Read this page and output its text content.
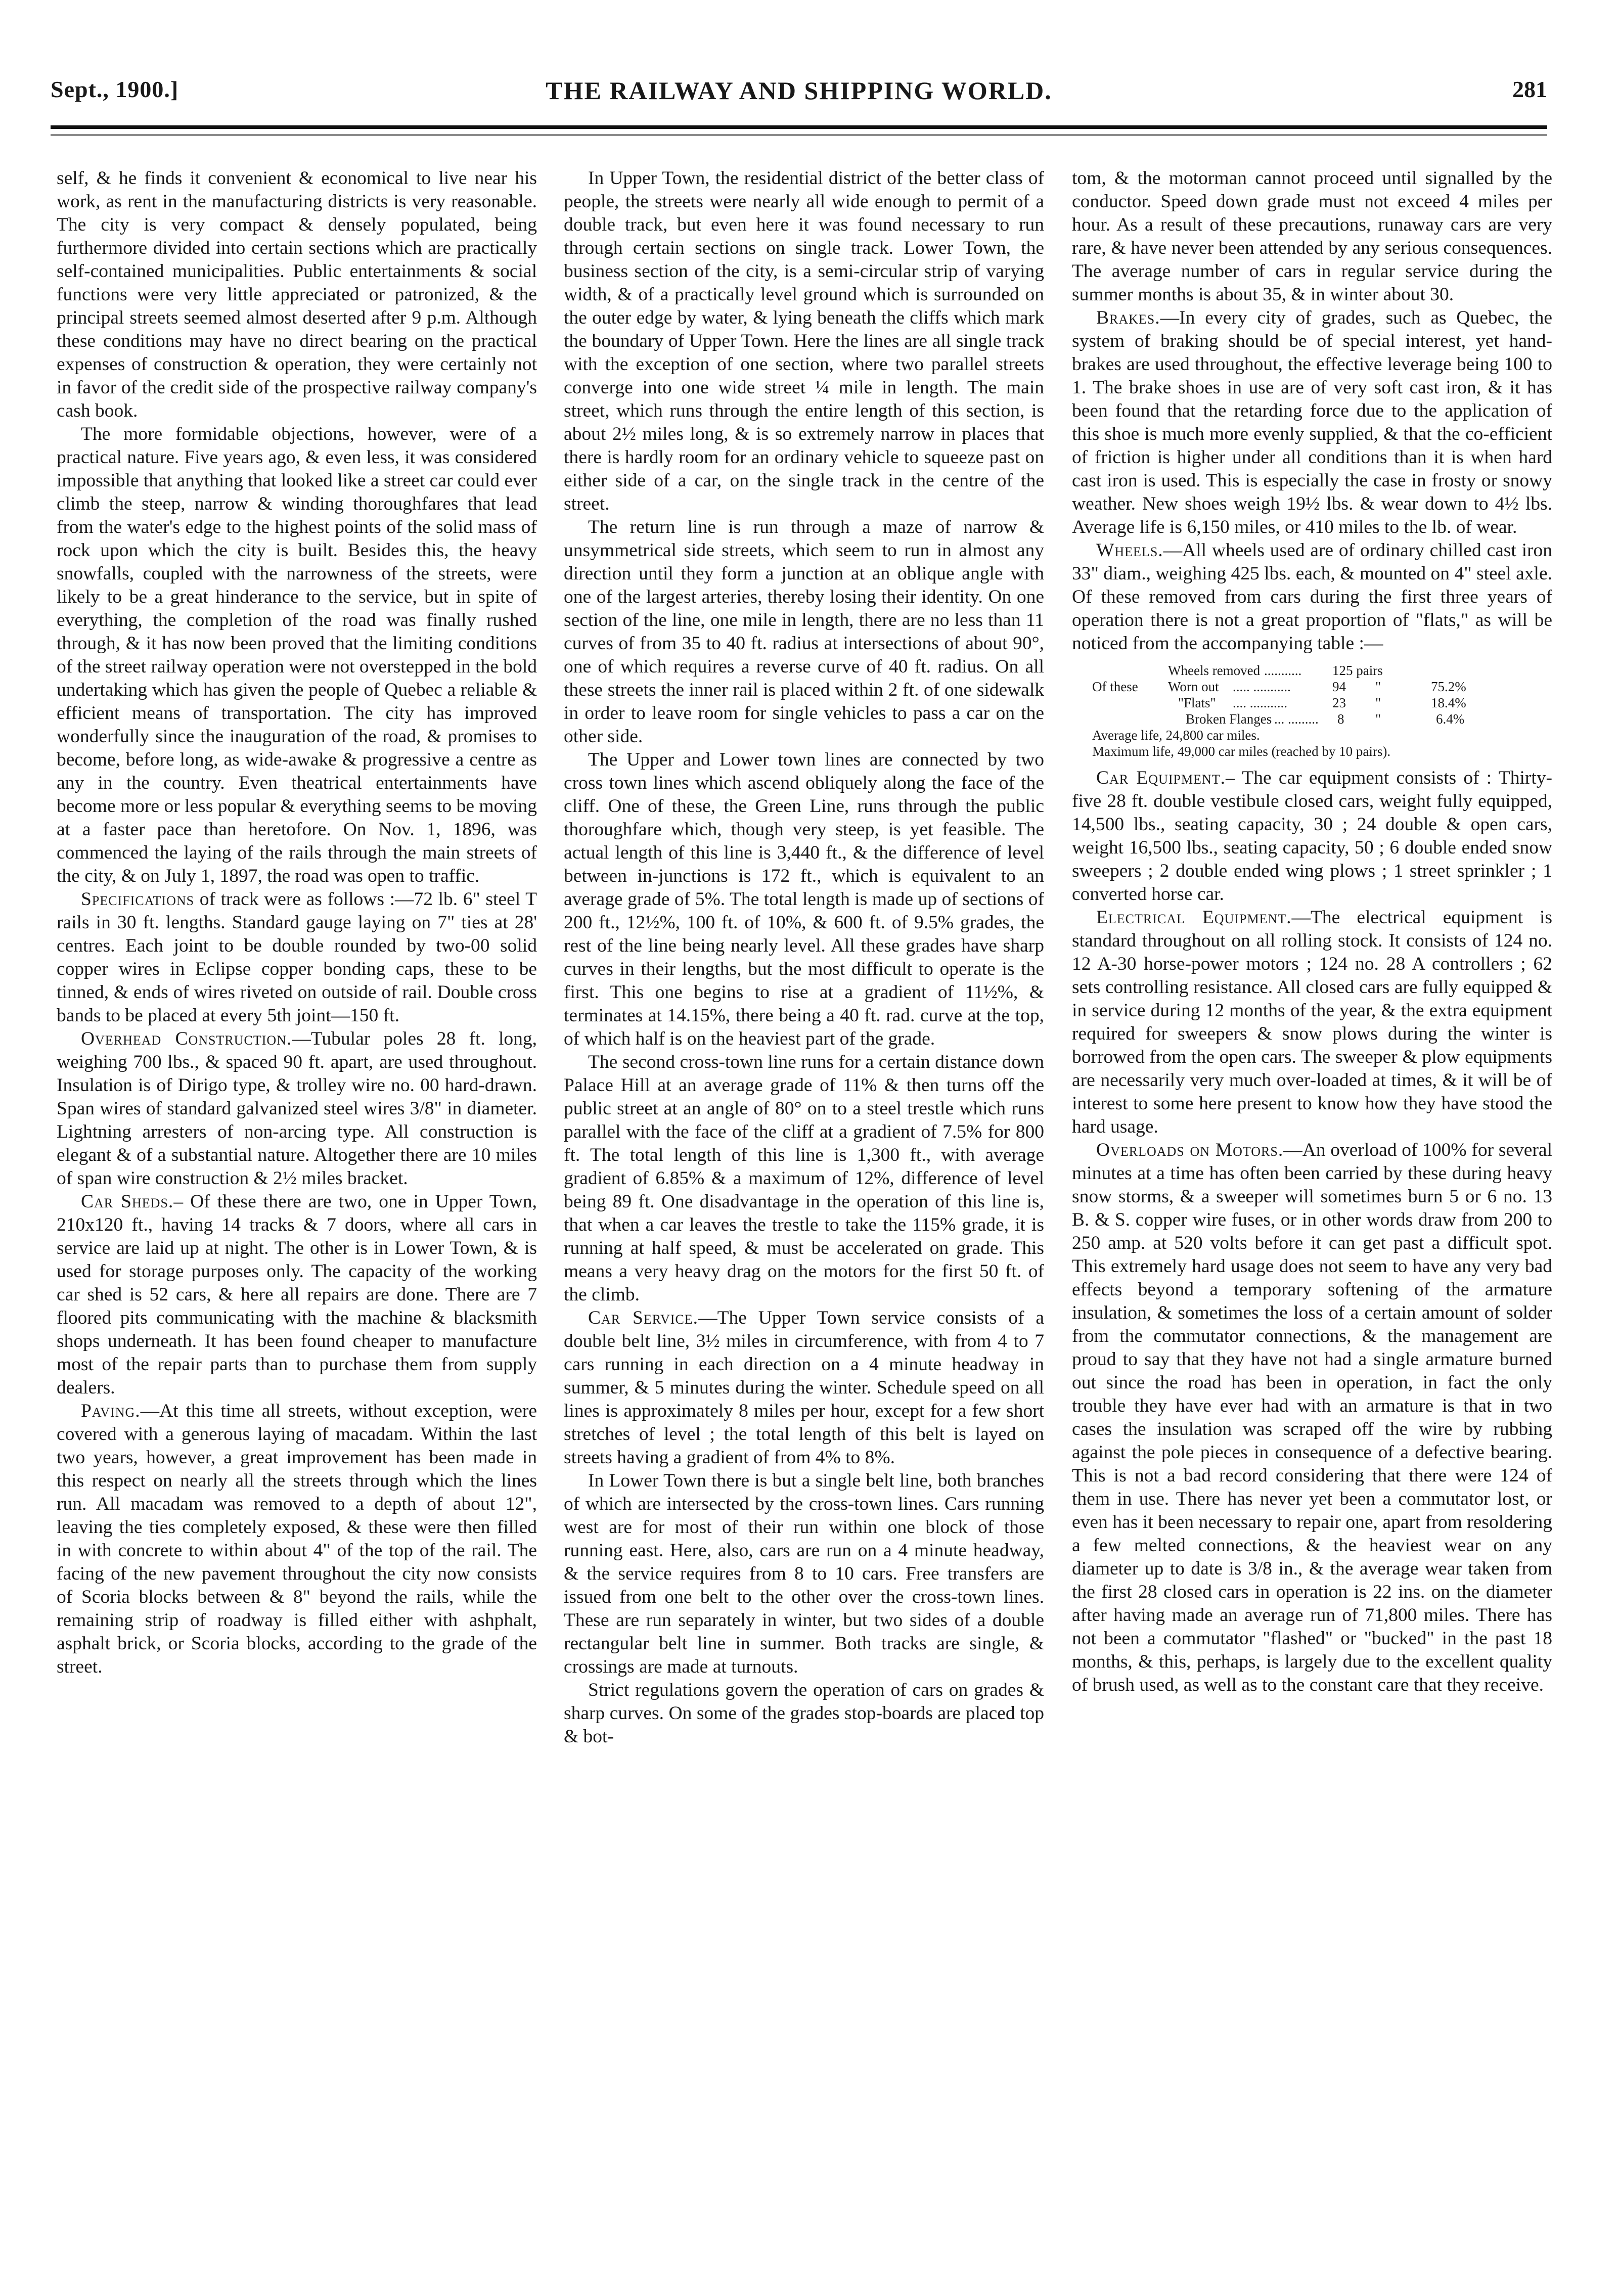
THE RAILWAY AND SHIPPING WORLD.
Sept., 1900.]	281

self, & he finds it convenient & economical to live near his work, as rent in the manufacturing districts is very reasonable. The city is very compact & densely populated, being furthermore divided into certain sections which are practically self-contained municipalities. Public entertainments & social functions were very little appreciated or patronized, & the principal streets seemed almost deserted after 9 p.m. Although these conditions may have no direct bearing on the practical expenses of construction & operation, they were certainly not in favor of the credit side of the prospective railway company's cash book.

The more formidable objections, however, were of a practical nature. Five years ago, & even less, it was considered impossible that anything that looked like a street car could ever climb the steep, narrow & winding thoroughfares that lead from the water's edge to the highest points of the solid mass of rock upon which the city is built. Besides this, the heavy snowfalls, coupled with the narrowness of the streets, were likely to be a great hinderance to the service, but in spite of everything, the completion of the road was finally rushed through, & it has now been proved that the limiting conditions of the street railway operation were not overstepped in the bold undertaking which has given the people of Quebec a reliable & efficient means of transportation. The city has improved wonderfully since the inauguration of the road, & promises to become, before long, as wide-awake & progressive a centre as any in the country. Even theatrical entertainments have become more or less popular & everything seems to be moving at a faster pace than heretofore. On Nov. 1, 1896, was commenced the laying of the rails through the main streets of the city, & on July 1, 1897, the road was open to traffic.

Specifications of track were as follows :—72 lb. 6" steel T rails in 30 ft. lengths. Standard gauge laying on 7" ties at 28' centres. Each joint to be double rounded by two-00 solid copper wires in Eclipse copper bonding caps, these to be tinned, & ends of wires riveted on outside of rail. Double cross bands to be placed at every 5th joint—150 ft.

Overhead Construction.—Tubular poles 28 ft. long, weighing 700 lbs., & spaced 90 ft. apart, are used throughout. Insulation is of Dirigo type, & trolley wire no. 00 hard-drawn. Span wires of standard galvanized steel wires 3/8" in diameter. Lightning arresters of non-arcing type. All construction is elegant & of a substantial nature. Altogether there are 10 miles of span wire construction & 2½ miles bracket.

Car Sheds.– Of these there are two, one in Upper Town, 210x120 ft., having 14 tracks & 7 doors, where all cars in service are laid up at night. The other is in Lower Town, & is used for storage purposes only. The capacity of the working car shed is 52 cars, & here all repairs are done. There are 7 floored pits communicating with the machine & blacksmith shops underneath. It has been found cheaper to manufacture most of the repair parts than to purchase them from supply dealers.

Paving.—At this time all streets, without exception, were covered with a generous laying of macadam. Within the last two years, however, a great improvement has been made in this respect on nearly all the streets through which the lines run. All macadam was removed to a depth of about 12", leaving the ties completely exposed, & these were then filled in with concrete to within about 4" of the top of the rail. The facing of the new pavement throughout the city now consists of Scoria blocks between & 8" beyond the rails, while the remaining strip of roadway is filled either with ashphalt, asphalt brick, or Scoria blocks, according to the grade of the street.

In Upper Town, the residential district of the better class of people, the streets were nearly all wide enough to permit of a double track, but even here it was found necessary to run through certain sections on single track. Lower Town, the business section of the city, is a semi-circular strip of varying width, & of a practically level ground which is surrounded on the outer edge by water, & lying beneath the cliffs which mark the boundary of Upper Town. Here the lines are all single track with the exception of one section, where two parallel streets converge into one wide street ¼ mile in length. The main street, which runs through the entire length of this section, is about 2½ miles long, & is so extremely narrow in places that there is hardly room for an ordinary vehicle to squeeze past on either side of a car, on the single track in the centre of the street.

The return line is run through a maze of narrow & unsymmetrical side streets, which seem to run in almost any direction until they form a junction at an oblique angle with one of the largest arteries, thereby losing their identity. On one section of the line, one mile in length, there are no less than 11 curves of from 35 to 40 ft. radius at intersections of about 90°, one of which requires a reverse curve of 40 ft. radius. On all these streets the inner rail is placed within 2 ft. of one sidewalk in order to leave room for single vehicles to pass a car on the other side.

The Upper and Lower town lines are connected by two cross town lines which ascend obliquely along the face of the cliff. One of these, the Green Line, runs through the public thoroughfare which, though very steep, is yet feasible. The actual length of this line is 3,440 ft., & the difference of level between in-junctions is 172 ft., which is equivalent to an average grade of 5%. The total length is made up of sections of 200 ft., 12½%, 100 ft. of 10%, & 600 ft. of 9.5% grades, the rest of the line being nearly level. All these grades have sharp curves in their lengths, but the most difficult to operate is the first. This one begins to rise at a gradient of 11½%, & terminates at 14.15%, there being a 40 ft. rad. curve at the top, of which half is on the heaviest part of the grade.

The second cross-town line runs for a certain distance down Palace Hill at an average grade of 11% & then turns off the public street at an angle of 80° on to a steel trestle which runs parallel with the face of the cliff at a gradient of 7.5% for 800 ft. The total length of this line is 1,300 ft., with average gradient of 6.85% & a maximum of 12%, difference of level being 89 ft. One disadvantage in the operation of this line is, that when a car leaves the trestle to take the 115% grade, it is running at half speed, & must be accelerated on grade. This means a very heavy drag on the motors for the first 50 ft. of the climb.

Car Service.—The Upper Town service consists of a double belt line, 3½ miles in circumference, with from 4 to 7 cars running in each direction on a 4 minute headway in summer, & 5 minutes during the winter. Schedule speed on all lines is approximately 8 miles per hour, except for a few short stretches of level ; the total length of this belt is layed on streets having a gradient of from 4% to 8%.

In Lower Town there is but a single belt line, both branches of which are intersected by the cross-town lines. Cars running west are for most of their run within one block of those running east. Here, also, cars are run on a 4 minute headway, & the service requires from 8 to 10 cars. Free transfers are issued from one belt to the other over the cross-town lines. These are run separately in winter, but two sides of a double rectangular belt line in summer. Both tracks are single, & crossings are made at turnouts.

Strict regulations govern the operation of cars on grades & sharp curves. On some of the grades stop-boards are placed top & bot-

tom, & the motorman cannot proceed until signalled by the conductor. Speed down grade must not exceed 4 miles per hour. As a result of these precautions, runaway cars are very rare, & have never been attended by any serious consequences. The average number of cars in regular service during the summer months is about 35, & in winter about 30.

Brakes.—In every city of grades, such as Quebec, the system of braking should be of special interest, yet hand-brakes are used throughout, the effective leverage being 100 to 1. The brake shoes in use are of very soft cast iron, & it has been found that the retarding force due to the application of this shoe is much more evenly supplied, & that the co-efficient of friction is higher under all conditions than it is when hard cast iron is used. This is especially the case in frosty or snowy weather. New shoes weigh 19½ lbs. & wear down to 4½ lbs. Average life is 6,150 miles, or 410 miles to the lb. of wear.

Wheels.—All wheels used are of ordinary chilled cast iron 33" diam., weighing 425 lbs. each, & mounted on 4" steel axle. Of these removed from cars during the first three years of operation there is not a great proportion of "flats," as will be noticed from the accompanying table :—

Wheels removed ........... 125 pairs
Of these Worn out ..... ...........	94 "	75.2%
"Flats" .... ...........	23 "	18.4%
Broken Flanges ... ......... 8 "	6.4%
Average life, 24,800 car miles.
Maximum life, 49,000 car miles (reached by 10 pairs).

Car Equipment.– The car equipment consists of : Thirty-five 28 ft. double vestibule closed cars, weight fully equipped, 14,500 lbs., seating capacity, 30 ; 24 double & open cars, weight 16,500 lbs., seating capacity, 50 ; 6 double ended snow sweepers ; 2 double ended wing plows ; 1 street sprinkler ; 1 converted horse car.

Electrical Equipment.—The electrical equipment is standard throughout on all rolling stock. It consists of 124 no. 12 A-30 horse-power motors ; 124 no. 28 A controllers ; 62 sets controlling resistance. All closed cars are fully equipped & in service during 12 months of the year, & the extra equipment required for sweepers & snow plows during the winter is borrowed from the open cars. The sweeper & plow equipments are necessarily very much over-loaded at times, & it will be of interest to some here present to know how they have stood the hard usage.

Overloads on Motors.—An overload of 100% for several minutes at a time has often been carried by these during heavy snow storms, & a sweeper will sometimes burn 5 or 6 no. 13 B. & S. copper wire fuses, or in other words draw from 200 to 250 amp. at 520 volts before it can get past a difficult spot. This extremely hard usage does not seem to have any very bad effects beyond a temporary softening of the armature insulation, & sometimes the loss of a certain amount of solder from the commutator connections, & the management are proud to say that they have not had a single armature burned out since the road has been in operation, in fact the only trouble they have ever had with an armature is that in two cases the insulation was scraped off the wire by rubbing against the pole pieces in consequence of a defective bearing. This is not a bad record considering that there were 124 of them in use. There has never yet been a commutator lost, or even has it been necessary to repair one, apart from resoldering a few melted connections, & the heaviest wear on any diameter up to date is 3/8 in., & the average wear taken from the first 28 closed cars in operation is 22 ins. on the diameter after having made an average run of 71,800 miles. There has not been a commutator "flashed" or "bucked" in the past 18 months, & this, perhaps, is largely due to the excellent quality of brush used, as well as to the constant care that they receive.
